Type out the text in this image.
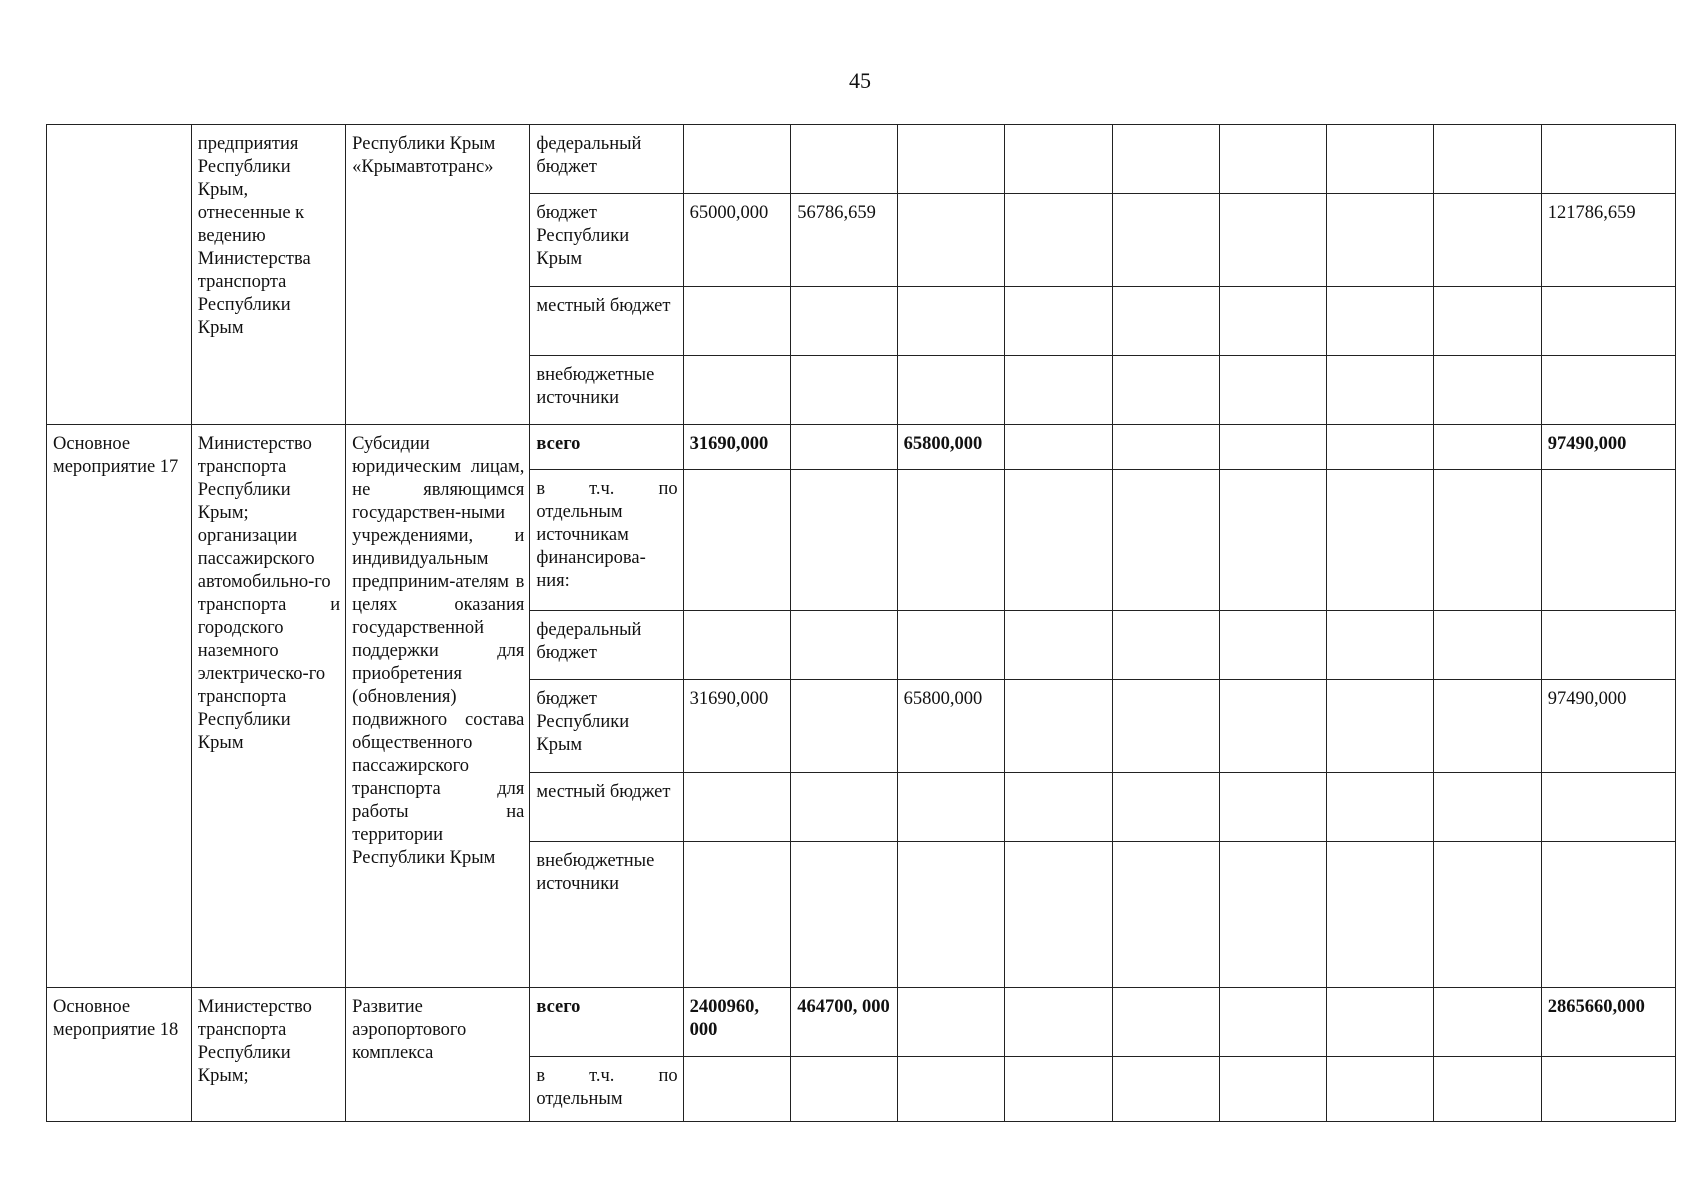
45
	предприятия Республики Крым, отнесенные к ведению Министерства транспорта Республики Крым	Республики Крым «Крымавтотранс»	федеральный бюджет									
			бюджет Республики Крым	65000,000	56786,659							121786,659
			местный бюджет									
			внебюджетные источники									
Основное мероприятие 17	Министерство транспорта Республики Крым; организации пассажирского автомобильно-го транспорта и городского наземного электрическо-го транспорта Республики Крым	Субсидии юридическим лицам, не являющимся государствен-ными учреждениями, и индивидуальным предприним-ателям в целях оказания государственной поддержки для приобретения (обновления) подвижного состава общественного пассажирского транспорта для работы на территории Республики Крым	всего	31690,000		65800,000						97490,000
			в т.ч. по отдельным источникам финансирова-ния:									
			федеральный бюджет									
			бюджет Республики Крым	31690,000		65800,000						97490,000
			местный бюджет									
			внебюджетные источники									
Основное мероприятие 18	Министерство транспорта Республики Крым;	Развитие аэропортового комплекса	всего	2400960, 000	464700, 000							2865660,000
			в т.ч. по отдельным									
